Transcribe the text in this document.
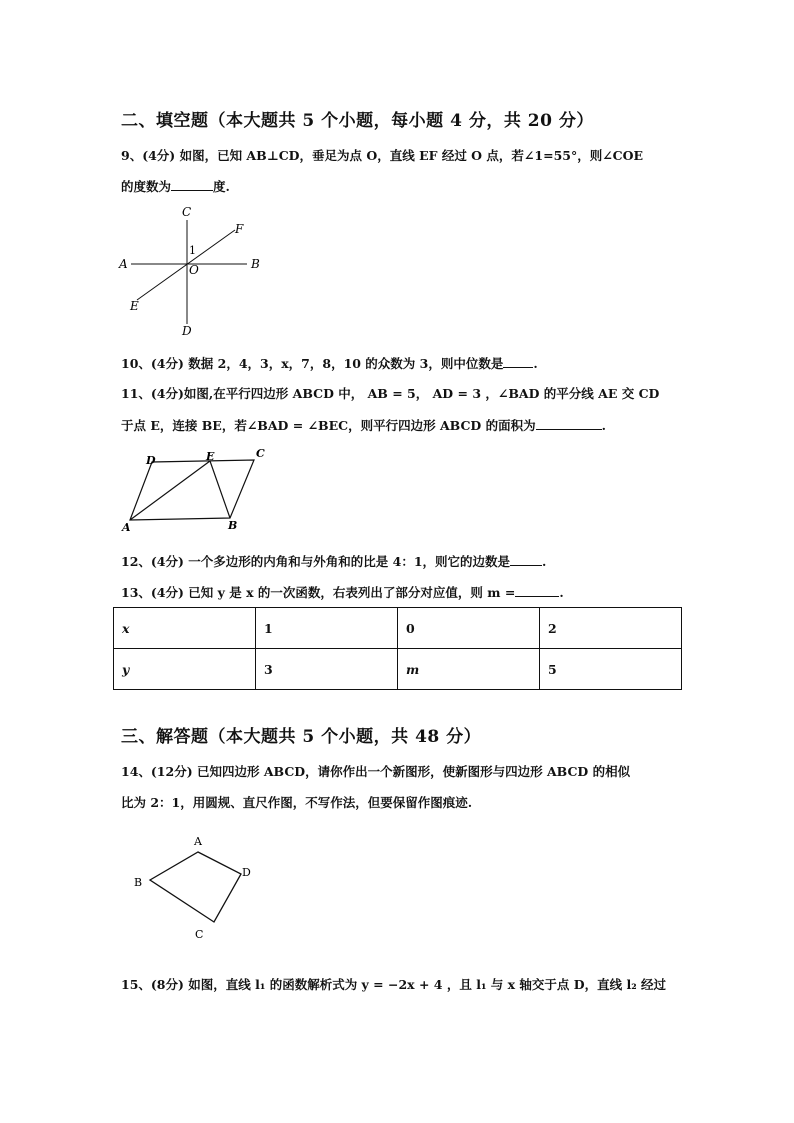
二、填空题（本大题共 5 个小题，每小题 4 分，共 20 分）
9、(4分) 如图，已知 AB⊥CD，垂足为点 O，直线 EF 经过 O 点，若∠1=55°，则∠COE
的度数为	度.
C
F
1
A	O	B
E
D
10、(4分) 数据 2，4，3，x，7，8，10 的众数为 3，则中位数是 .
11、(4分)如图,在平行四边形 ABCD 中， AB = 5， AD = 3 ，∠BAD 的平分线 AE 交 CD
于点 E，连接 BE，若∠BAD = ∠BEC，则平行四边形 ABCD 的面积为	.
D	E	C
A	B
12、(4分) 一个多边形的内角和与外角和的比是 4：1，则它的边数是	.
13、(4分) 已知 y 是 x 的一次函数，右表列出了部分对应值，则 m =	.
x	1	0	2
y	3	m	5
三、解答题（本大题共 5 个小题，共 48 分）
14、(12分) 已知四边形 ABCD，请你作出一个新图形，使新图形与四边形 ABCD 的相似
比为 2：1，用圆规、直尺作图，不写作法，但要保留作图痕迹.
A
D
B
C
15、(8分) 如图，直线 l₁ 的函数解析式为 y = −2x + 4 ，且 l₁ 与 x 轴交于点 D，直线 l₂ 经过
